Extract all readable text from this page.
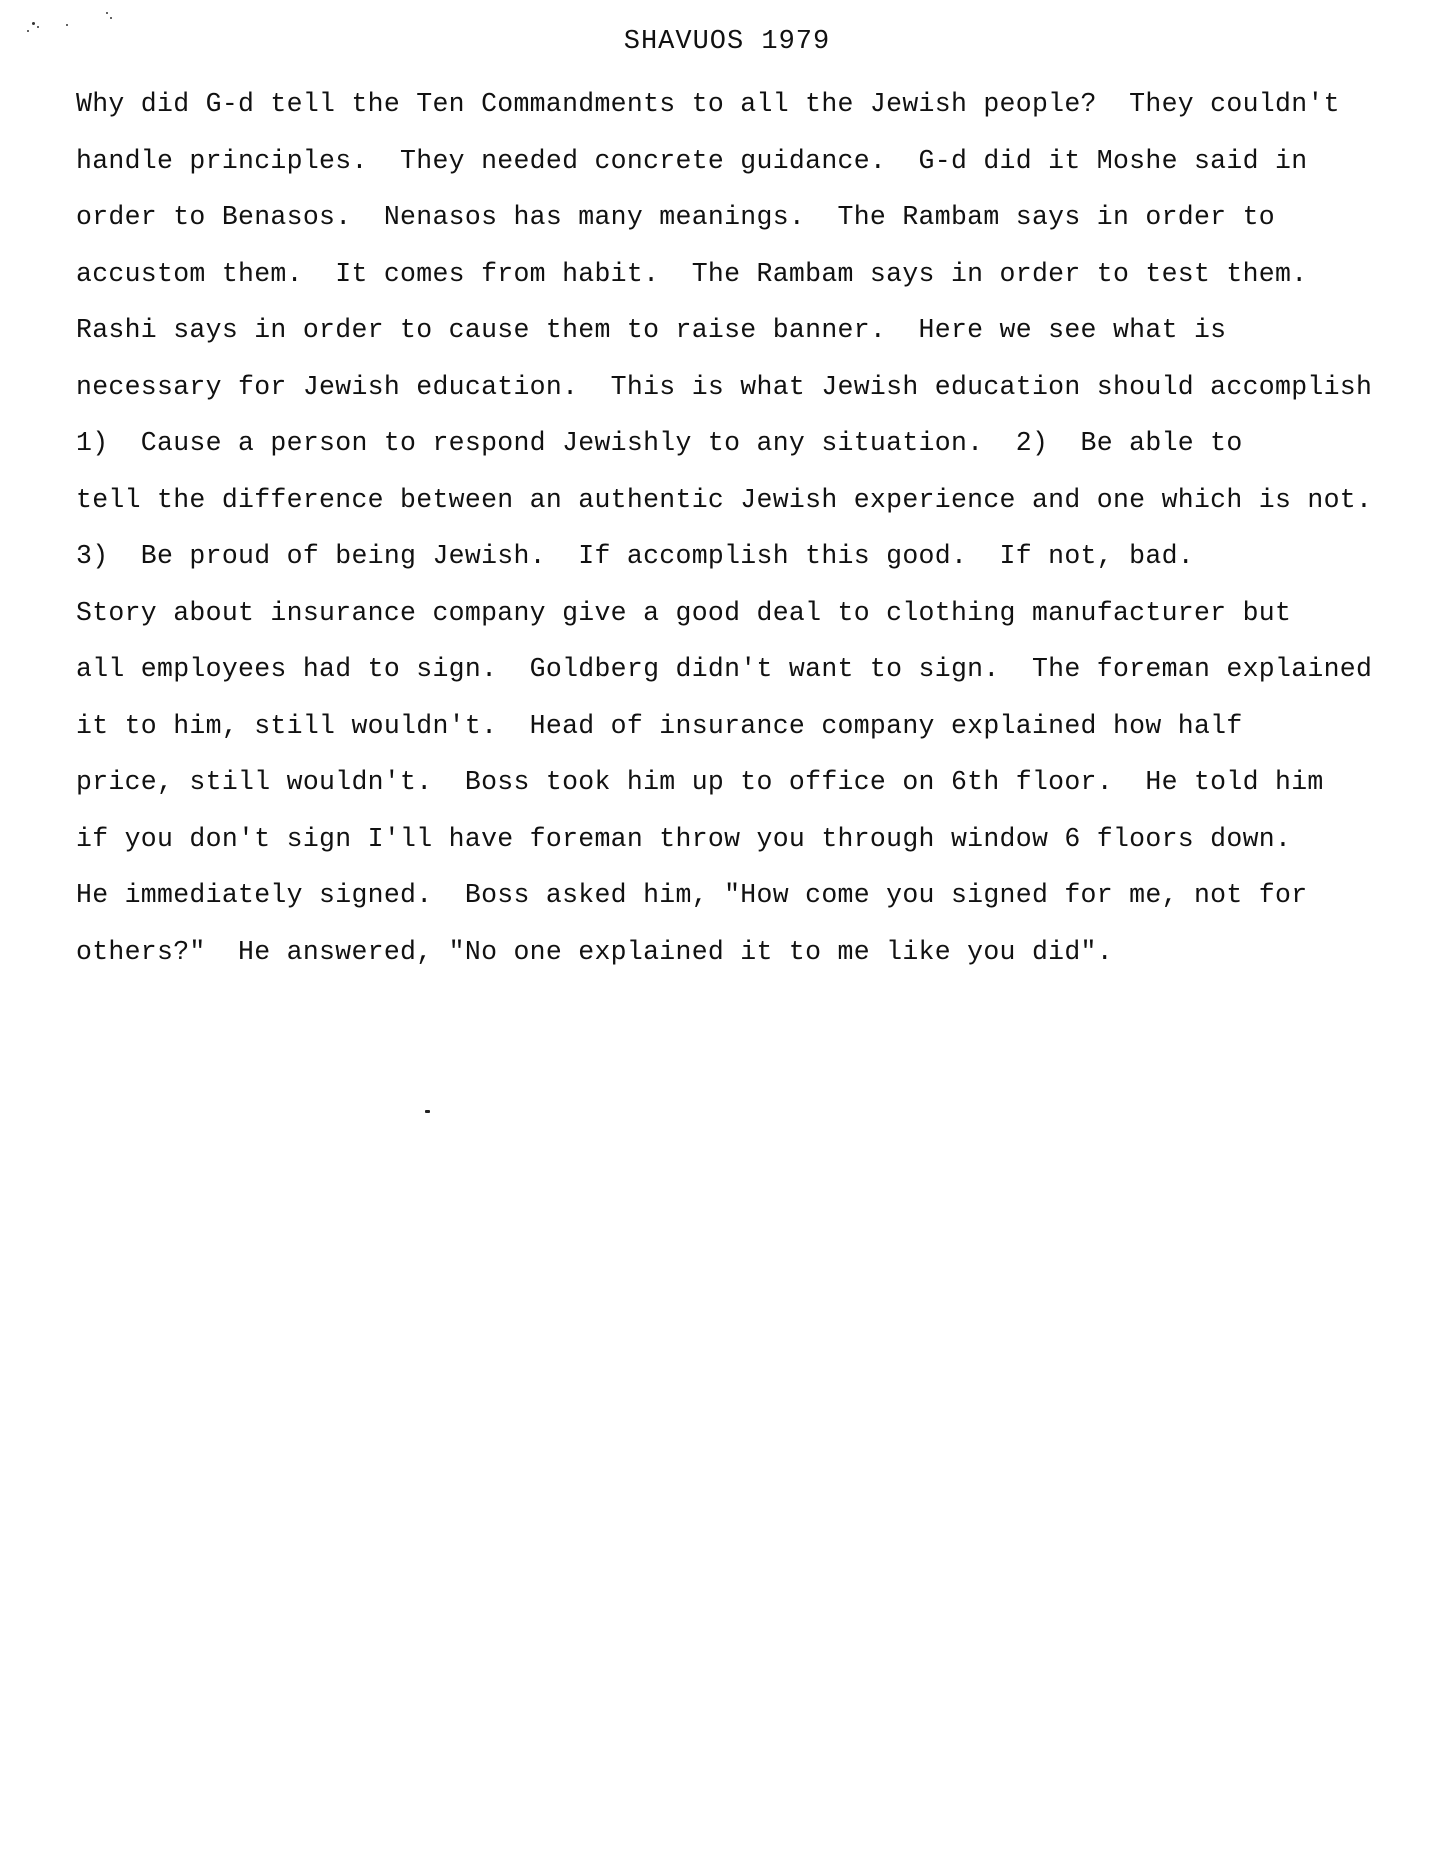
SHAVUOS 1979
Why did G-d tell the Ten Commandments to all the Jewish people?  They couldn't
handle principles.  They needed concrete guidance.  G-d did it Moshe said in
order to Benasos.  Nenasos has many meanings.  The Rambam says in order to
accustom them.  It comes from habit.  The Rambam says in order to test them.
Rashi says in order to cause them to raise banner.  Here we see what is
necessary for Jewish education.  This is what Jewish education should accomplish
1)  Cause a person to respond Jewishly to any situation.  2)  Be able to
tell the difference between an authentic Jewish experience and one which is not.
3)  Be proud of being Jewish.  If accomplish this good.  If not, bad.
Story about insurance company give a good deal to clothing manufacturer but
all employees had to sign.  Goldberg didn't want to sign.  The foreman explained
it to him, still wouldn't.  Head of insurance company explained how half
price, still wouldn't.  Boss took him up to office on 6th floor.  He told him
if you don't sign I'll have foreman throw you through window 6 floors down.
He immediately signed.  Boss asked him, "How come you signed for me, not for
others?"  He answered, "No one explained it to me like you did".
